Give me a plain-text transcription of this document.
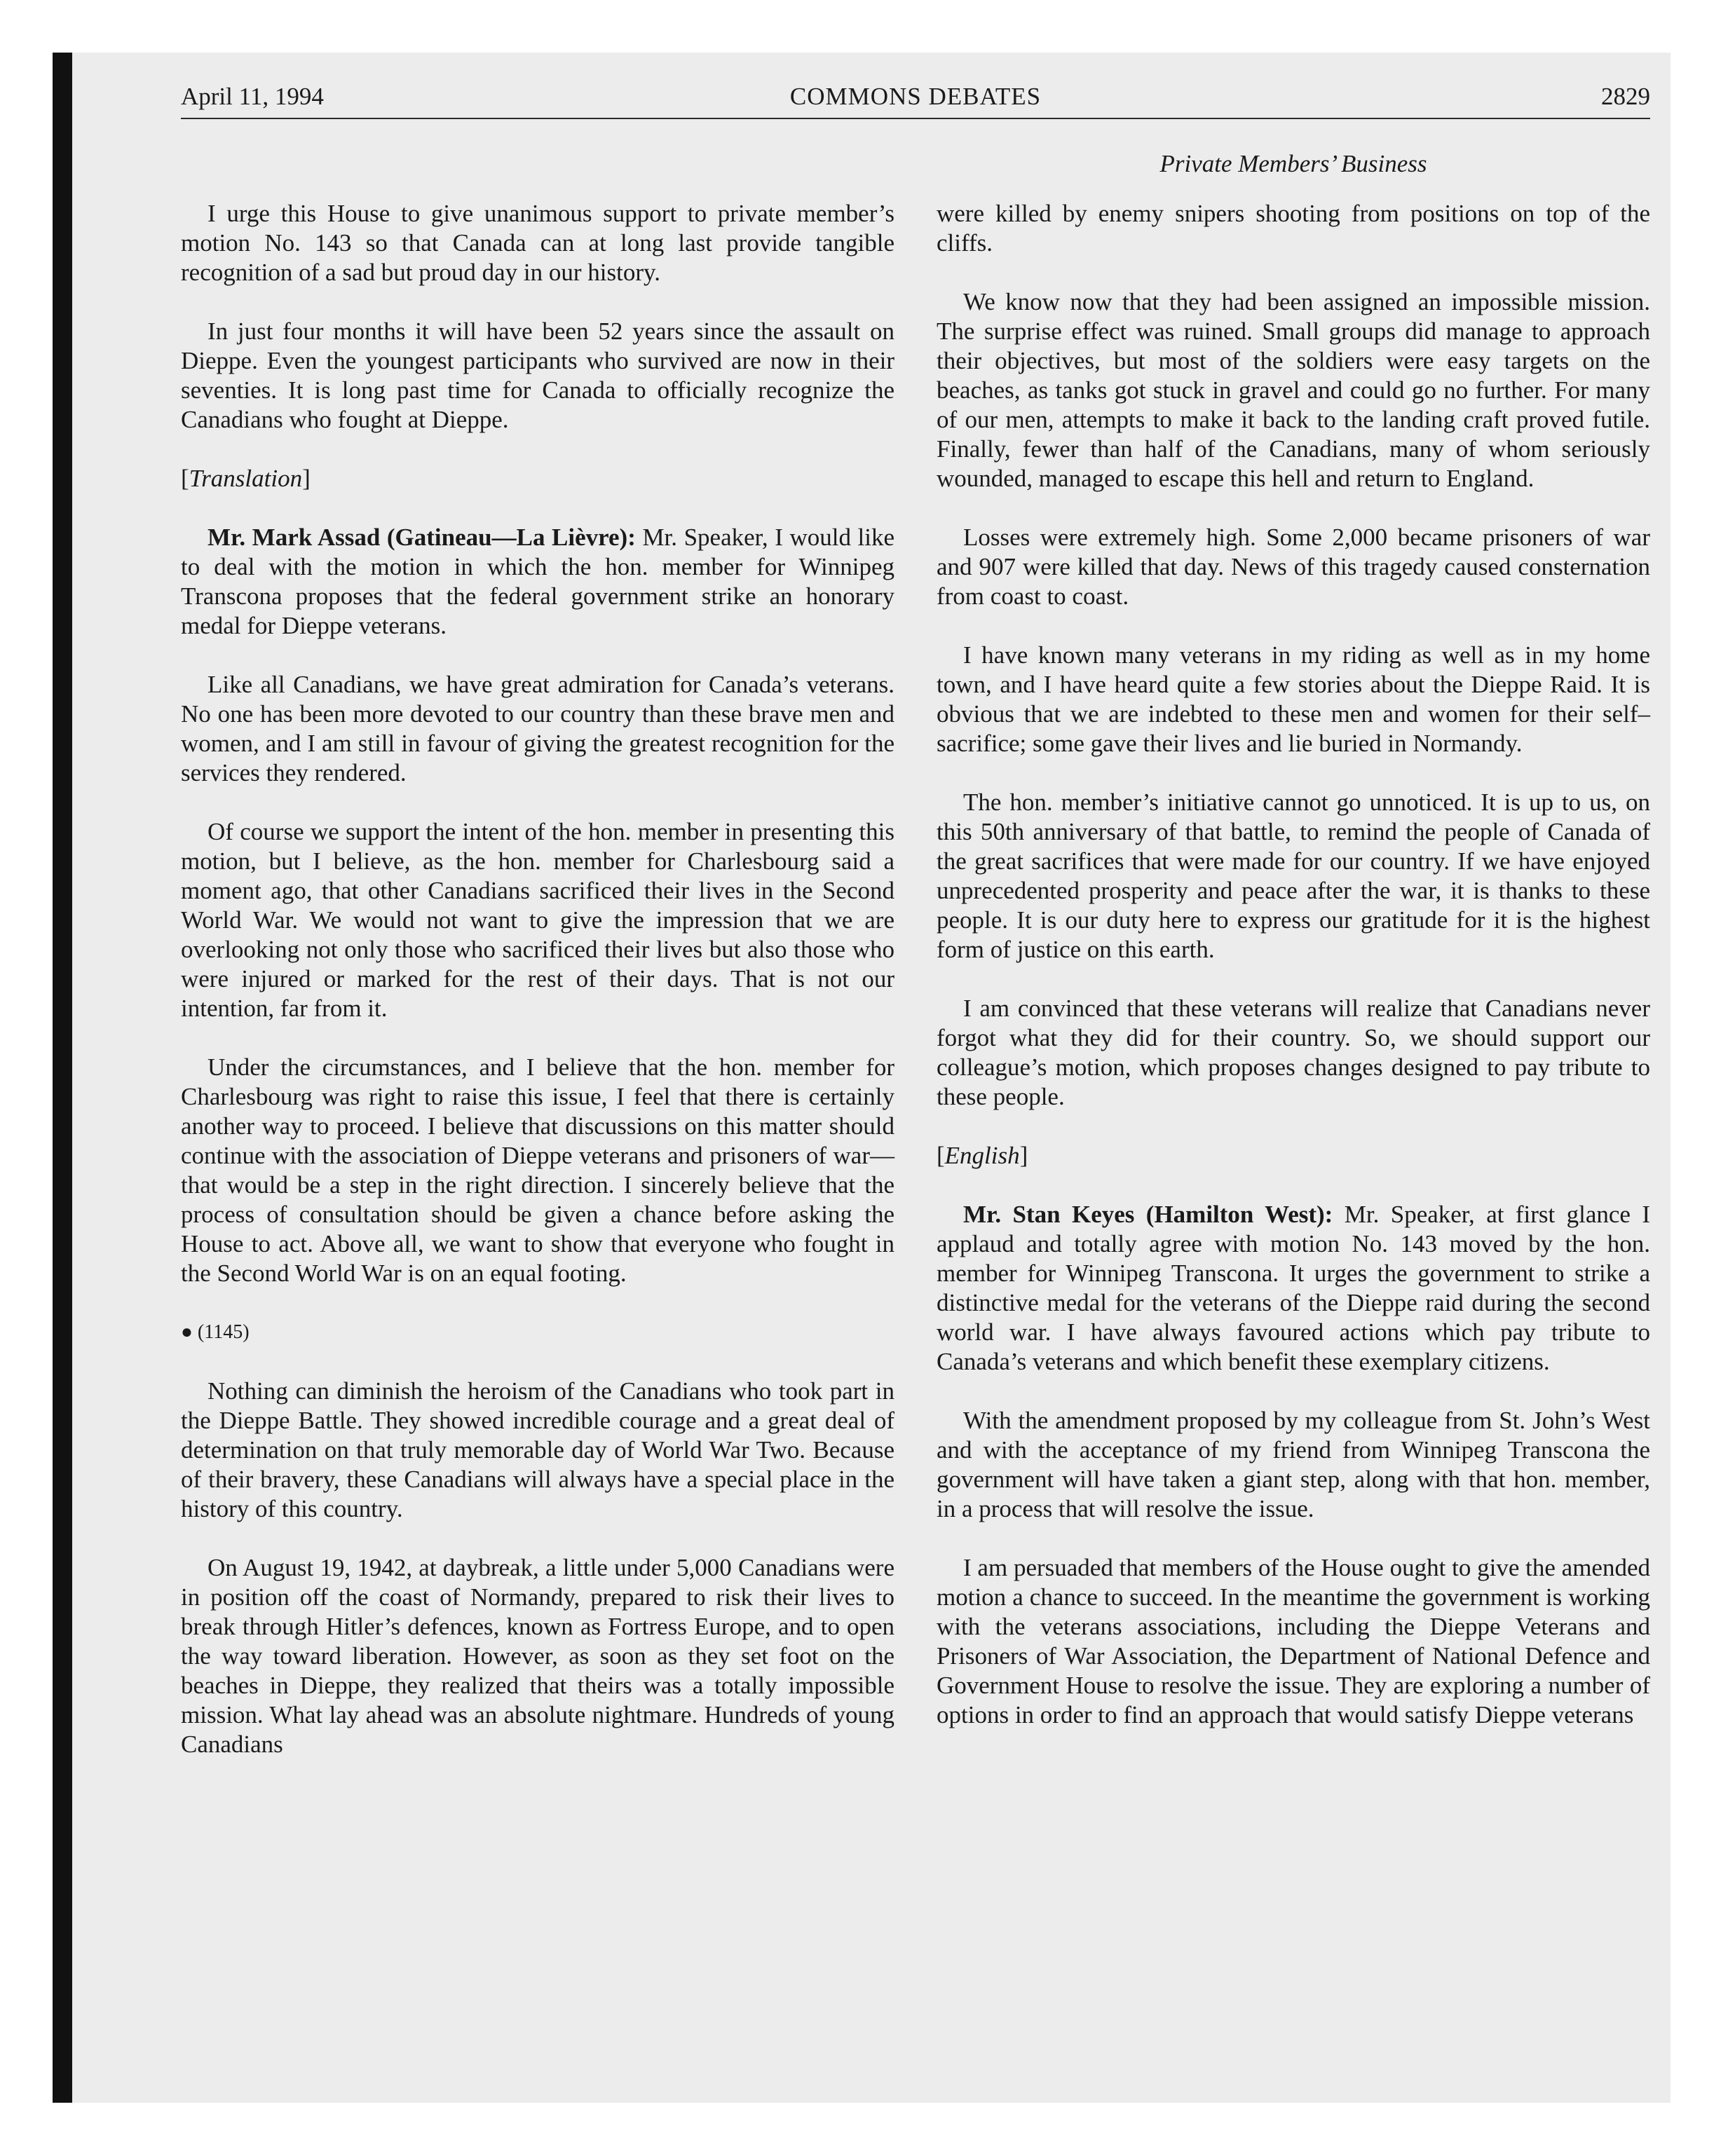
COMMONS DEBATES
April 11, 1994	2829
Private Members’ Business

I urge this House to give unanimous support to private member’s motion No. 143 so that Canada can at long last provide tangible recognition of a sad but proud day in our history.

In just four months it will have been 52 years since the assault on Dieppe. Even the youngest participants who survived are now in their seventies. It is long past time for Canada to officially recognize the Canadians who fought at Dieppe.

[Translation]

Mr. Mark Assad (Gatineau—La Lièvre): Mr. Speaker, I would like to deal with the motion in which the hon. member for Winnipeg Transcona proposes that the federal government strike an honorary medal for Dieppe veterans.

Like all Canadians, we have great admiration for Canada’s veterans. No one has been more devoted to our country than these brave men and women, and I am still in favour of giving the greatest recognition for the services they rendered.

Of course we support the intent of the hon. member in presenting this motion, but I believe, as the hon. member for Charlesbourg said a moment ago, that other Canadians sacrificed their lives in the Second World War. We would not want to give the impression that we are overlooking not only those who sacrificed their lives but also those who were injured or marked for the rest of their days. That is not our intention, far from it.

Under the circumstances, and I believe that the hon. member for Charlesbourg was right to raise this issue, I feel that there is certainly another way to proceed. I believe that discussions on this matter should continue with the association of Dieppe veterans and prisoners of war—that would be a step in the right direction. I sincerely believe that the process of consultation should be given a chance before asking the House to act. Above all, we want to show that everyone who fought in the Second World War is on an equal footing.

● (1145)

Nothing can diminish the heroism of the Canadians who took part in the Dieppe Battle. They showed incredible courage and a great deal of determination on that truly memorable day of World War Two. Because of their bravery, these Canadians will always have a special place in the history of this country.

On August 19, 1942, at daybreak, a little under 5,000 Canadians were in position off the coast of Normandy, prepared to risk their lives to break through Hitler’s defences, known as Fortress Europe, and to open the way toward liberation. However, as soon as they set foot on the beaches in Dieppe, they realized that theirs was a totally impossible mission. What lay ahead was an absolute nightmare. Hundreds of young Canadians

were killed by enemy snipers shooting from positions on top of the cliffs.

We know now that they had been assigned an impossible mission. The surprise effect was ruined. Small groups did manage to approach their objectives, but most of the soldiers were easy targets on the beaches, as tanks got stuck in gravel and could go no further. For many of our men, attempts to make it back to the landing craft proved futile. Finally, fewer than half of the Canadians, many of whom seriously wounded, managed to escape this hell and return to England.

Losses were extremely high. Some 2,000 became prisoners of war and 907 were killed that day. News of this tragedy caused consternation from coast to coast.

I have known many veterans in my riding as well as in my home town, and I have heard quite a few stories about the Dieppe Raid. It is obvious that we are indebted to these men and women for their self–sacrifice; some gave their lives and lie buried in Normandy.

The hon. member’s initiative cannot go unnoticed. It is up to us, on this 50th anniversary of that battle, to remind the people of Canada of the great sacrifices that were made for our country. If we have enjoyed unprecedented prosperity and peace after the war, it is thanks to these people. It is our duty here to express our gratitude for it is the highest form of justice on this earth.

I am convinced that these veterans will realize that Canadians never forgot what they did for their country. So, we should support our colleague’s motion, which proposes changes designed to pay tribute to these people.

[English]

Mr. Stan Keyes (Hamilton West): Mr. Speaker, at first glance I applaud and totally agree with motion No. 143 moved by the hon. member for Winnipeg Transcona. It urges the government to strike a distinctive medal for the veterans of the Dieppe raid during the second world war. I have always favoured actions which pay tribute to Canada’s veterans and which benefit these exemplary citizens.

With the amendment proposed by my colleague from St. John’s West and with the acceptance of my friend from Winnipeg Transcona the government will have taken a giant step, along with that hon. member, in a process that will resolve the issue.

I am persuaded that members of the House ought to give the amended motion a chance to succeed. In the meantime the government is working with the veterans associations, including the Dieppe Veterans and Prisoners of War Association, the Department of National Defence and Government House to resolve the issue. They are exploring a number of options in order to find an approach that would satisfy Dieppe veterans
